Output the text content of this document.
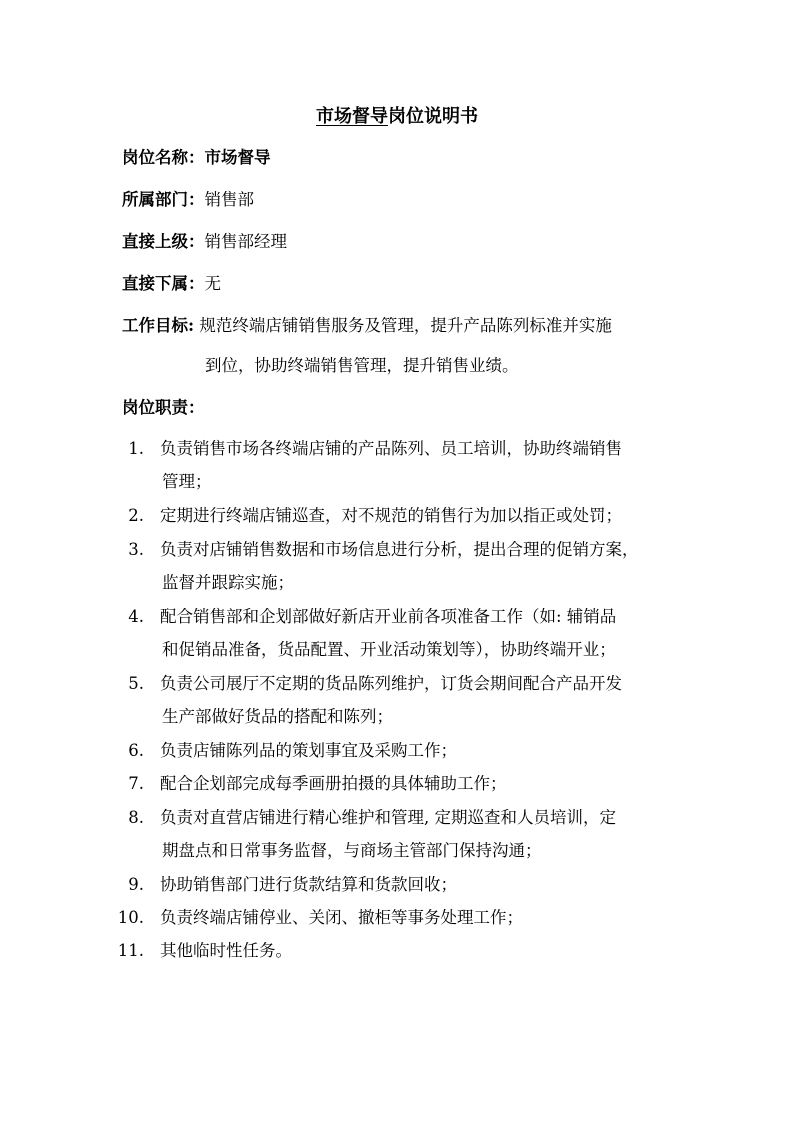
市场督导岗位说明书
岗位名称：市场督导
所属部门：销售部
直接上级：销售部经理
直接下属：无
工作目标: 规范终端店铺销售服务及管理，提升产品陈列标准并实施
到位，协助终端销售管理，提升销售业绩。
岗位职责：
1. 负责销售市场各终端店铺的产品陈列、员工培训，协助终端销售
管理；
2. 定期进行终端店铺巡查，对不规范的销售行为加以指正或处罚；
3. 负责对店铺销售数据和市场信息进行分析，提出合理的促销方案，
监督并跟踪实施；
4. 配合销售部和企划部做好新店开业前各项准备工作（如: 辅销品
和促销品准备，货品配置、开业活动策划等），协助终端开业；
5. 负责公司展厅不定期的货品陈列维护，订货会期间配合产品开发
生产部做好货品的搭配和陈列；
6. 负责店铺陈列品的策划事宜及采购工作；
7. 配合企划部完成每季画册拍摄的具体辅助工作；
8. 负责对直营店铺进行精心维护和管理, 定期巡查和人员培训，定
期盘点和日常事务监督，与商场主管部门保持沟通；
9. 协助销售部门进行货款结算和货款回收；
10. 负责终端店铺停业、关闭、撤柜等事务处理工作；
11. 其他临时性任务。
